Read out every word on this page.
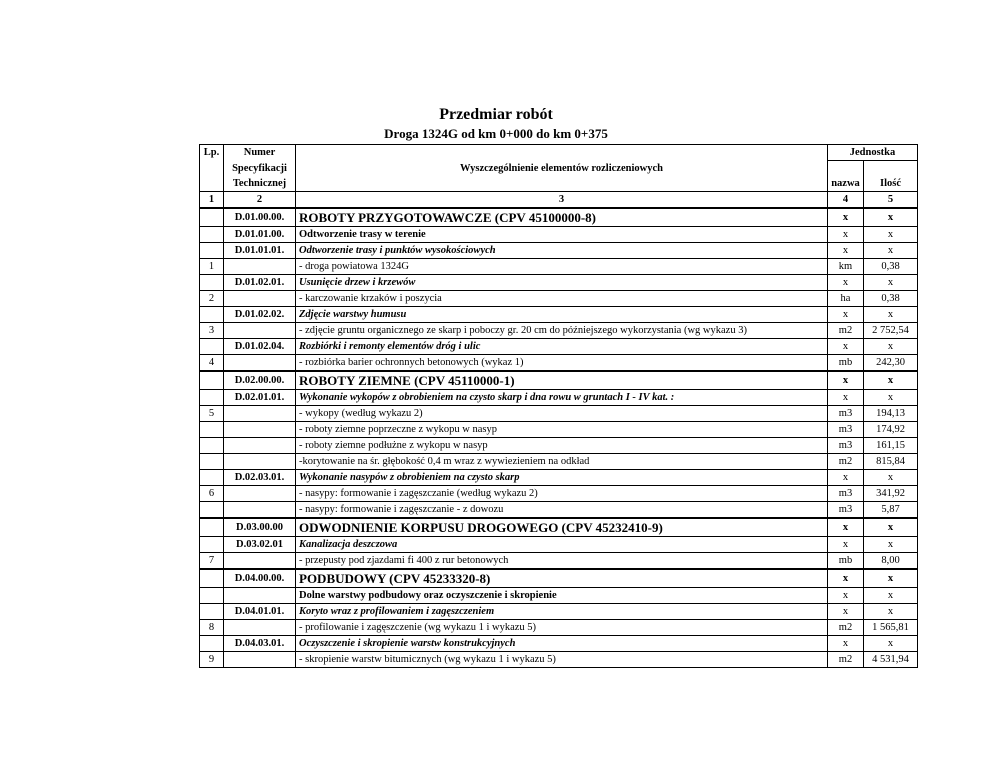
Przedmiar robót
Droga 1324G od km 0+000 do km 0+375
Lp.	Numer	Wyszczególnienie elementów rozliczeniowych	Jednostka	
	Specyfikacji			
	Technicznej		nazwa	Ilość
1	2	3	4	5
	D.01.00.00.	ROBOTY PRZYGOTOWAWCZE (CPV 45100000-8)	x	x
	D.01.01.00.	Odtworzenie trasy w terenie	x	x
	D.01.01.01.	Odtworzenie trasy i punktów wysokościowych	x	x
1		- droga powiatowa 1324G	km	0,38
	D.01.02.01.	Usunięcie drzew i krzewów	x	x
2		- karczowanie krzaków i poszycia	ha	0,38
	D.01.02.02.	Zdjęcie warstwy humusu	x	x
3		- zdjęcie gruntu organicznego ze skarp i poboczy gr. 20 cm do późniejszego wykorzystania (wg wykazu 3)	m2	2 752,54
	D.01.02.04.	Rozbiórki i remonty elementów dróg i ulic	x	x
4		- rozbiórka barier ochronnych betonowych (wykaz 1)	mb	242,30
	D.02.00.00.	ROBOTY ZIEMNE (CPV 45110000-1)	x	x
	D.02.01.01.	Wykonanie wykopów z obrobieniem na czysto skarp i dna rowu w gruntach I - IV kat. :	x	x
5		- wykopy (według wykazu 2)	m3	194,13
		- roboty ziemne poprzeczne z wykopu w nasyp	m3	174,92
		- roboty ziemne podłużne z wykopu w nasyp	m3	161,15
		-korytowanie na śr. głębokość 0,4 m wraz z wywiezieniem na odkład	m2	815,84
	D.02.03.01.	Wykonanie nasypów z obrobieniem na czysto skarp	x	x
6		- nasypy: formowanie i zagęszczanie (według wykazu 2)	m3	341,92
		- nasypy: formowanie i zagęszczanie - z dowozu	m3	5,87
	D.03.00.00	ODWODNIENIE KORPUSU DROGOWEGO (CPV 45232410-9)	x	x
	D.03.02.01	Kanalizacja deszczowa	x	x
7		- przepusty pod zjazdami fi 400 z rur betonowych	mb	8,00
	D.04.00.00.	PODBUDOWY (CPV 45233320-8)	x	x
		Dolne warstwy podbudowy oraz oczyszczenie i skropienie	x	x
	D.04.01.01.	Koryto wraz z profilowaniem i zagęszczeniem	x	x
8		- profilowanie i zagęszczenie (wg wykazu 1 i wykazu 5)	m2	1 565,81
	D.04.03.01.	Oczyszczenie i skropienie warstw konstrukcyjnych	x	x
9		- skropienie warstw bitumicznych (wg wykazu 1 i wykazu 5)	m2	4 531,94
